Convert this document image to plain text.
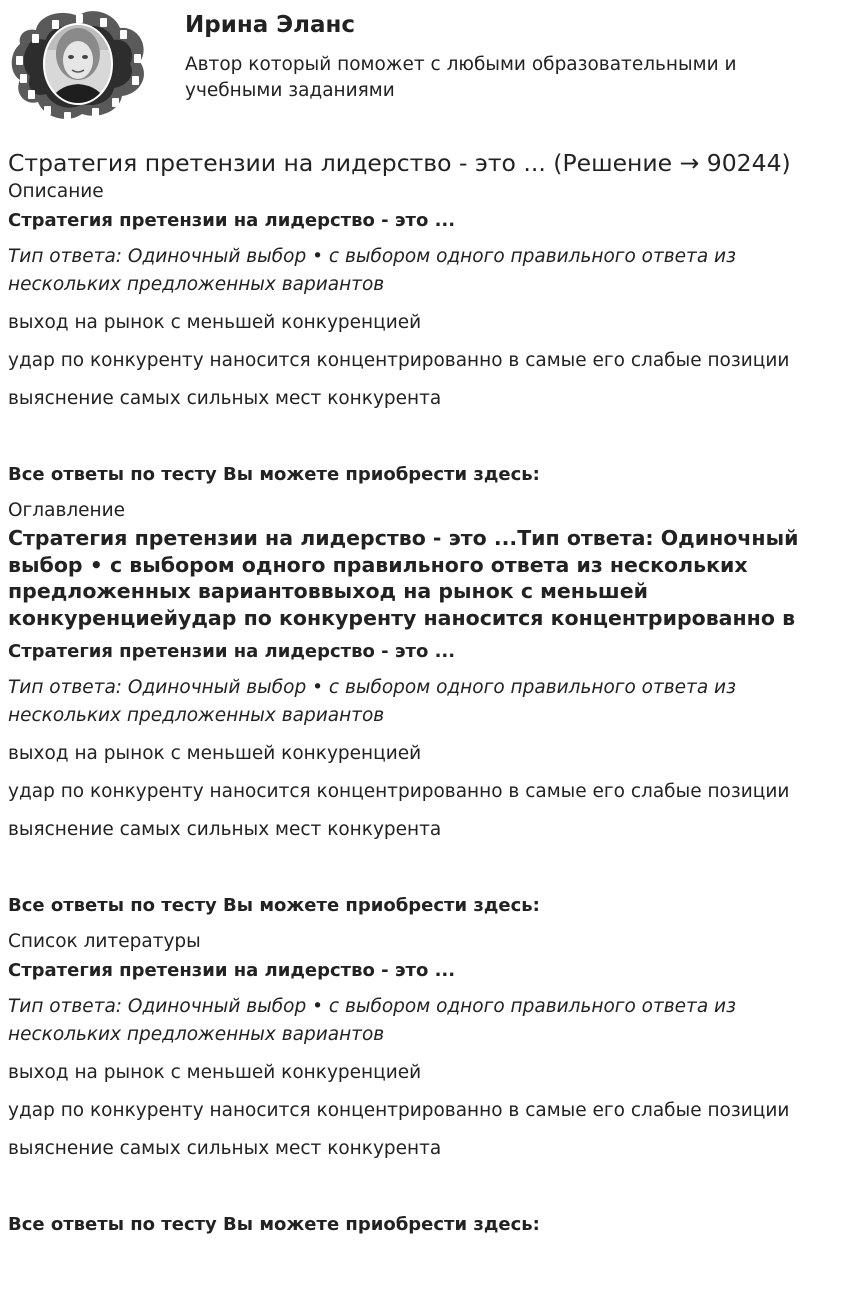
Ирина Эланс
Автор который поможет с любыми образовательными и учебными заданиями
Стратегия претензии на лидерство - это ... (Решение → 90244)
Описание
Стратегия претензии на лидерство - это ...
Тип ответа: Одиночный выбор • с выбором одного правильного ответа из нескольких предложенных вариантов
выход на рынок с меньшей конкуренцией
удар по конкуренту наносится концентрированно в самые его слабые позиции
выяснение самых сильных мест конкурента
Все ответы по тесту Вы можете приобрести здесь:
Оглавление
Стратегия претензии на лидерство - это ...Тип ответа: Одиночный выбор • с выбором одного правильного ответа из нескольких предложенных вариантоввыход на рынок с меньшей конкуренциейудар по конкуренту наносится концентрированно в
Стратегия претензии на лидерство - это ...
Тип ответа: Одиночный выбор • с выбором одного правильного ответа из нескольких предложенных вариантов
выход на рынок с меньшей конкуренцией
удар по конкуренту наносится концентрированно в самые его слабые позиции
выяснение самых сильных мест конкурента
Все ответы по тесту Вы можете приобрести здесь:
Список литературы
Стратегия претензии на лидерство - это ...
Тип ответа: Одиночный выбор • с выбором одного правильного ответа из нескольких предложенных вариантов
выход на рынок с меньшей конкуренцией
удар по конкуренту наносится концентрированно в самые его слабые позиции
выяснение самых сильных мест конкурента
Все ответы по тесту Вы можете приобрести здесь:
